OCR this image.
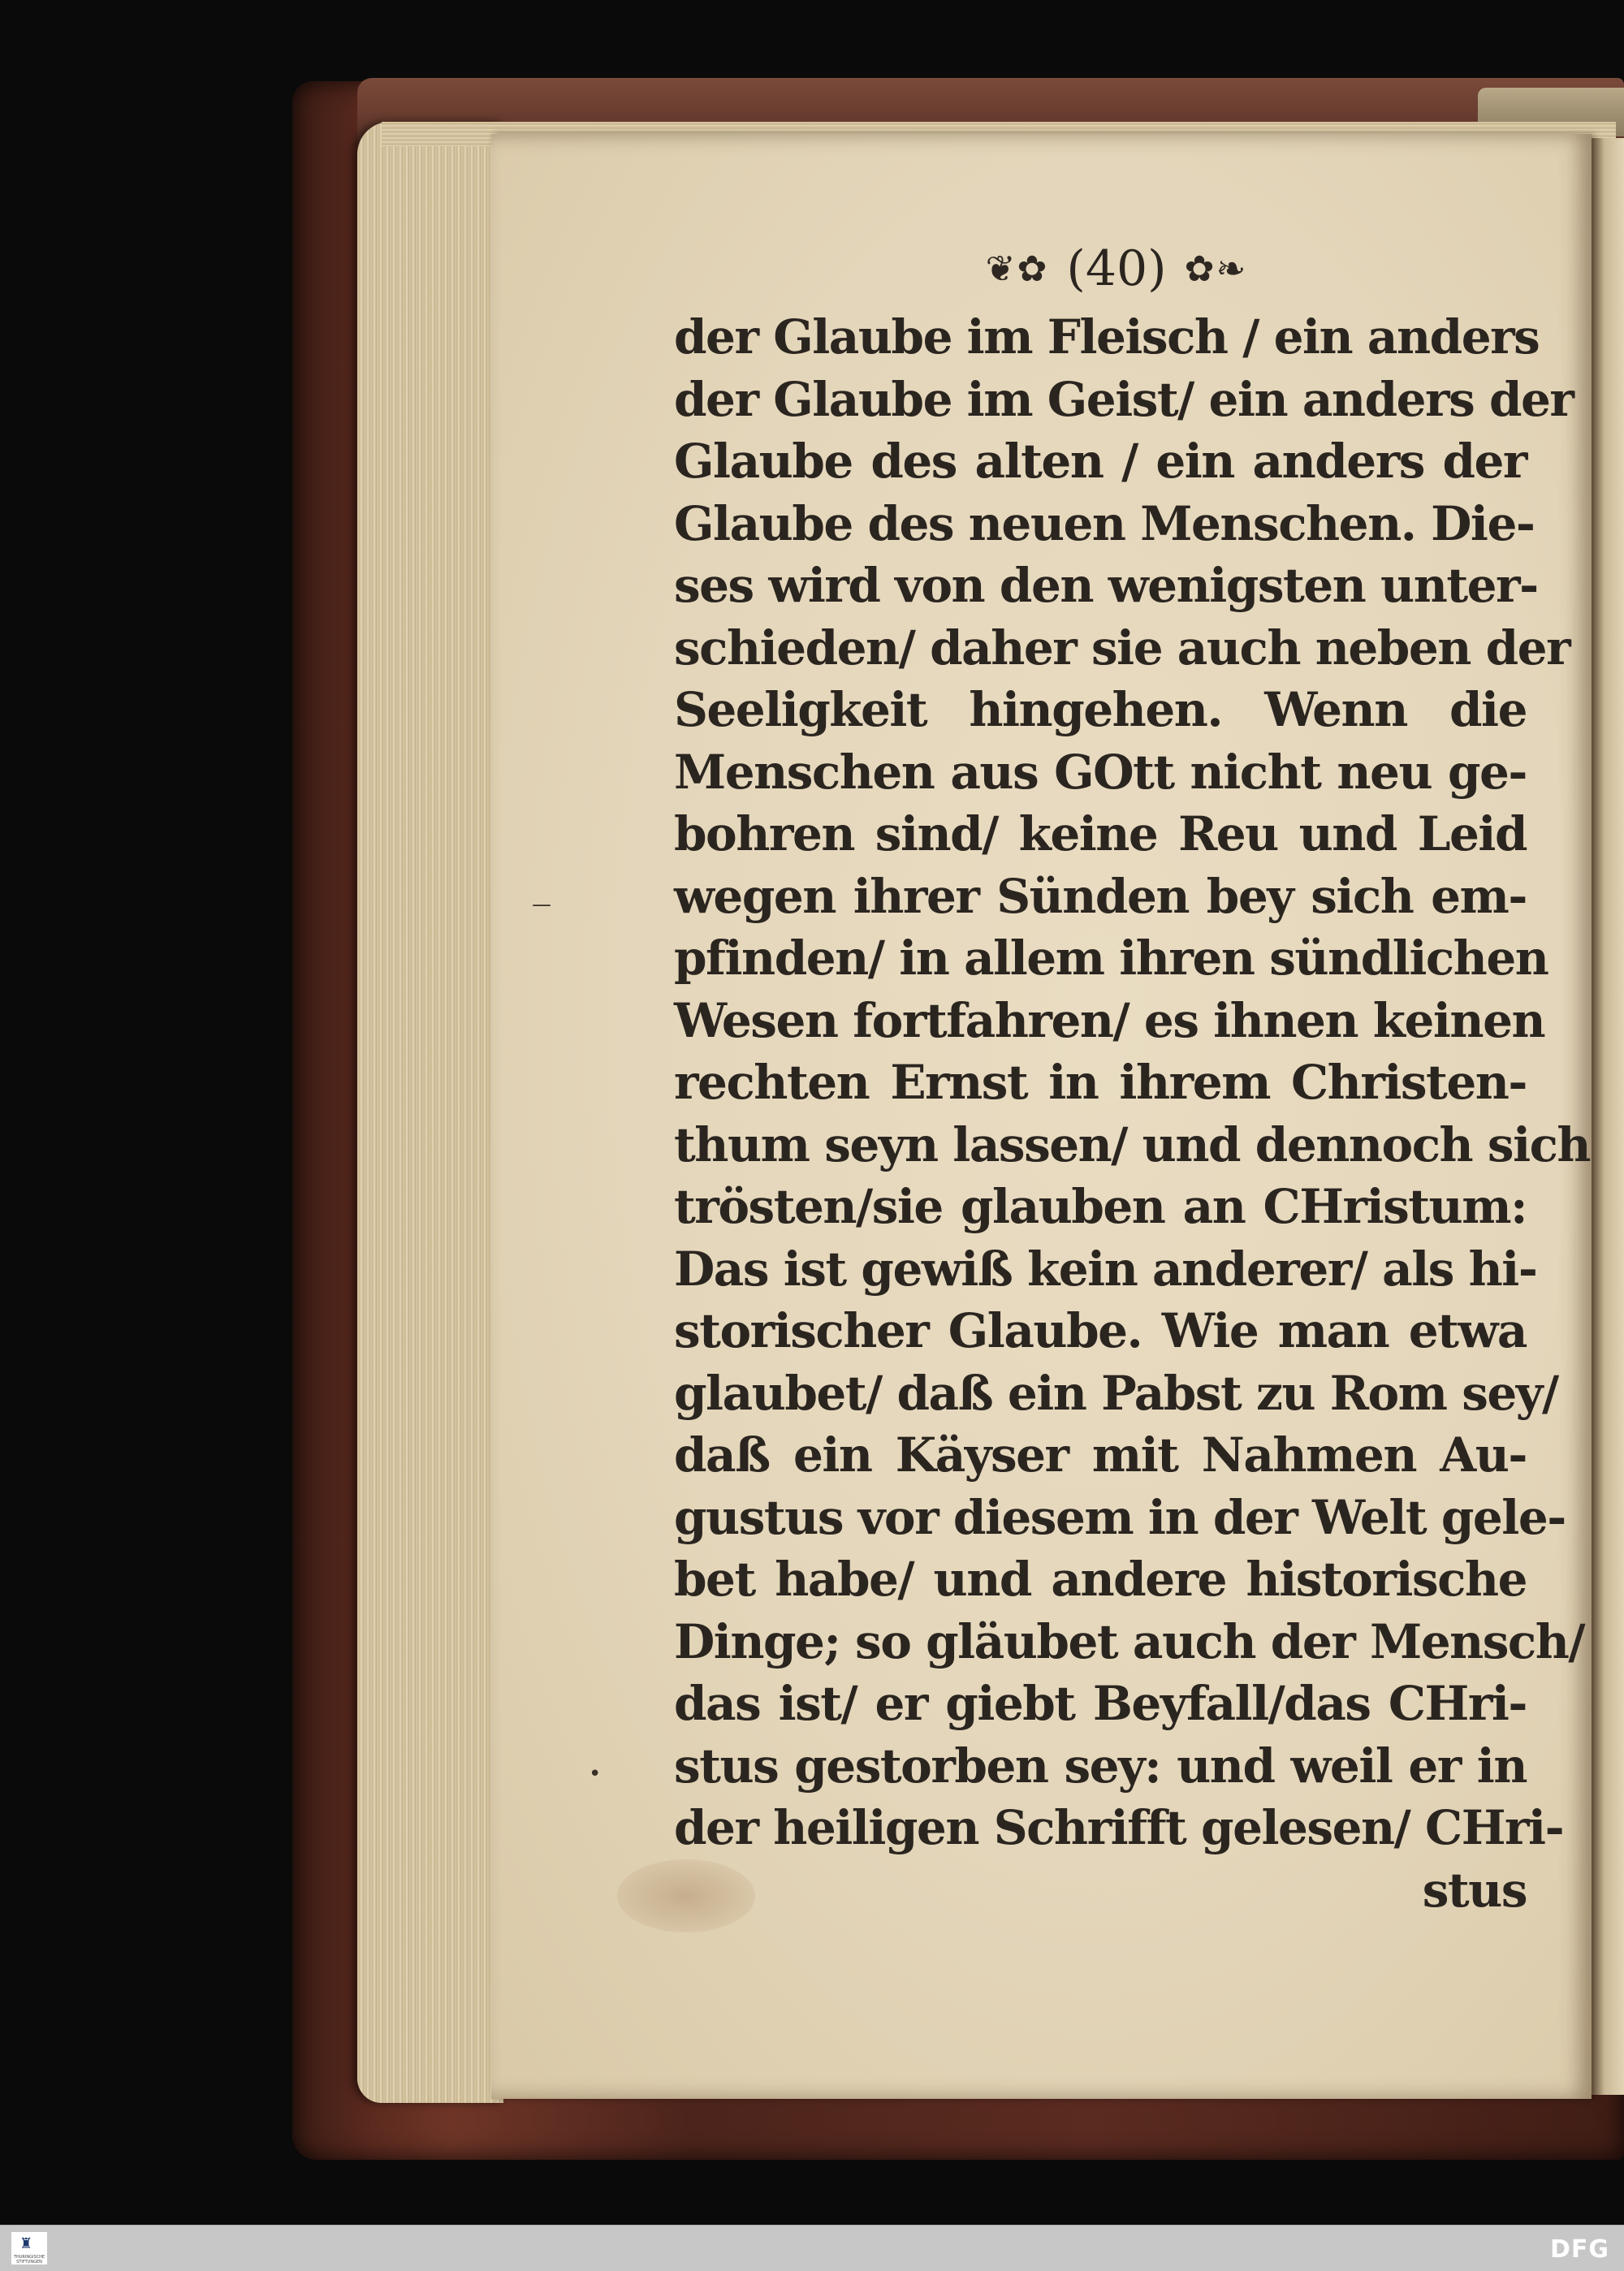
—
•
❦✿ (40) ✿❧
der Glaube im Fleisch / ein anders
der Glaube im Geist/ ein anders der
Glaube des alten / ein anders der
Glaube des neuen Menschen. Die-
ses wird von den wenigsten unter-
schieden/ daher sie auch neben der
Seeligkeit hingehen. Wenn die
Menschen aus GOtt nicht neu ge-
bohren sind/ keine Reu und Leid
wegen ihrer Sünden bey sich em-
pfinden/ in allem ihren sündlichen
Wesen fortfahren/ es ihnen keinen
rechten Ernst in ihrem Christen-
thum seyn lassen/ und dennoch sich
trösten/sie glauben an CHristum:
Das ist gewiß kein anderer/ als hi-
storischer Glaube. Wie man etwa
glaubet/ daß ein Pabst zu Rom sey/
daß ein Käyser mit Nahmen Au-
gustus vor diesem in der Welt gele-
bet habe/ und andere historische
Dinge; so gläubet auch der Mensch/
das ist/ er giebt Beyfall/das CHri-
stus gestorben sey: und weil er in
der heiligen Schrifft gelesen/ CHri-
stus
♜
THURINGISCHE STIFTUNGEN	DFG
